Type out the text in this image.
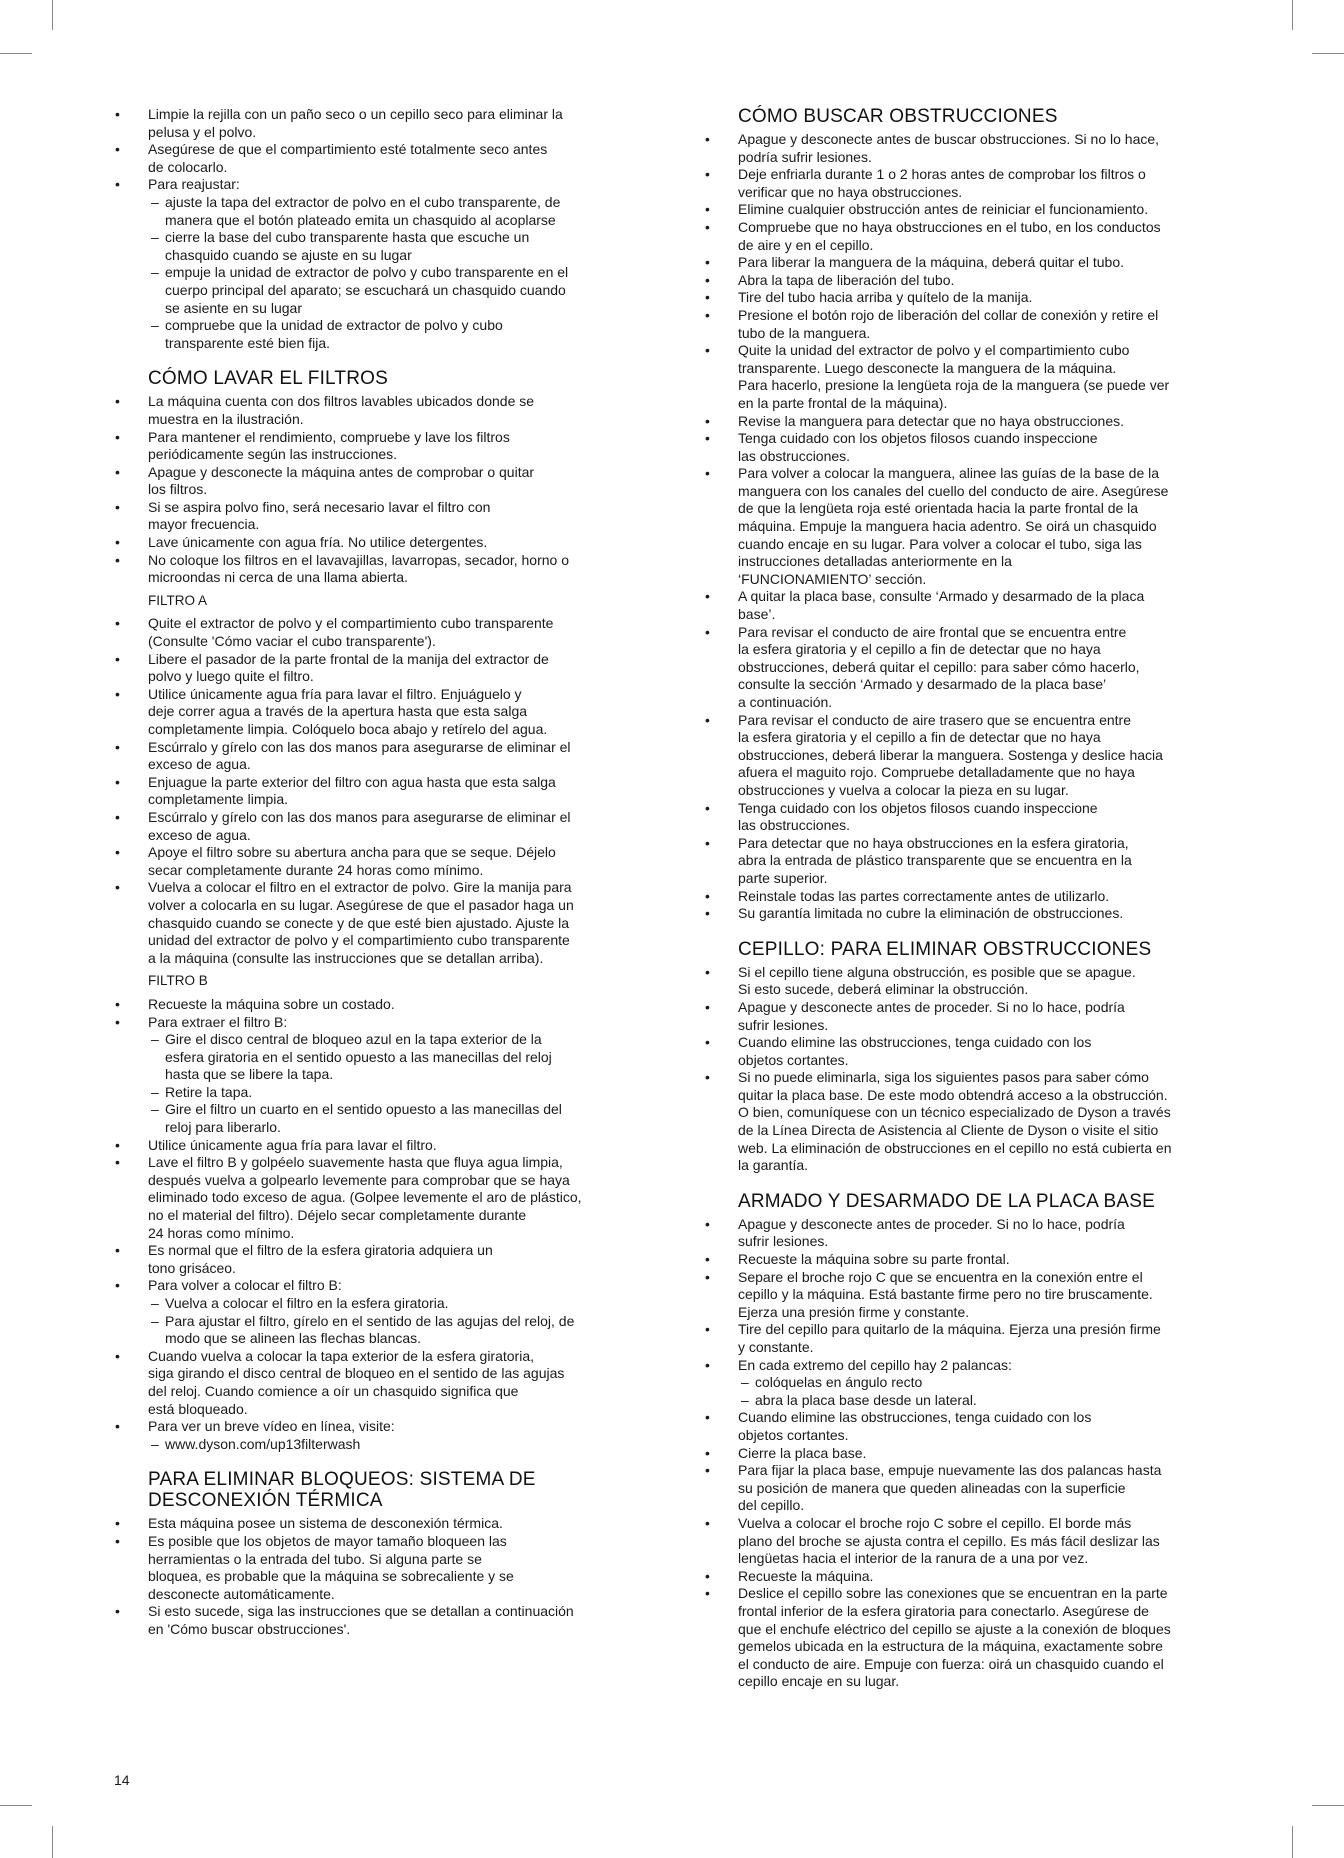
• Limpie la rejilla con un paño seco o un cepillo seco para eliminar la
pelusa y el polvo.
• Asegúrese de que el compartimiento esté totalmente seco antes
de colocarlo.
• Para reajustar:
– ajuste la tapa del extractor de polvo en el cubo transparente, de
manera que el botón plateado emita un chasquido al acoplarse
– cierre la base del cubo transparente hasta que escuche un
chasquido cuando se ajuste en su lugar
– empuje la unidad de extractor de polvo y cubo transparente en el
cuerpo principal del aparato; se escuchará un chasquido cuando
se asiente en su lugar
– compruebe que la unidad de extractor de polvo y cubo
transparente esté bien fija.
CÓMO LAVAR EL FILTROS
• La máquina cuenta con dos filtros lavables ubicados donde se
muestra en la ilustración.
• Para mantener el rendimiento, compruebe y lave los filtros
periódicamente según las instrucciones.
• Apague y desconecte la máquina antes de comprobar o quitar
los filtros.
• Si se aspira polvo fino, será necesario lavar el filtro con
mayor frecuencia.
• Lave únicamente con agua fría. No utilice detergentes.
• No coloque los filtros en el lavavajillas, lavarropas, secador, horno o
microondas ni cerca de una llama abierta.
FILTRO A
• Quite el extractor de polvo y el compartimiento cubo transparente
(Consulte 'Cómo vaciar el cubo transparente').
• Libere el pasador de la parte frontal de la manija del extractor de
polvo y luego quite el filtro.
• Utilice únicamente agua fría para lavar el filtro. Enjuáguelo y
deje correr agua a través de la apertura hasta que esta salga
completamente limpia. Colóquelo boca abajo y retírelo del agua.
• Escúrralo y gírelo con las dos manos para asegurarse de eliminar el
exceso de agua.
• Enjuague la parte exterior del filtro con agua hasta que esta salga
completamente limpia.
• Escúrralo y gírelo con las dos manos para asegurarse de eliminar el
exceso de agua.
• Apoye el filtro sobre su abertura ancha para que se seque. Déjelo
secar completamente durante 24 horas como mínimo.
• Vuelva a colocar el filtro en el extractor de polvo. Gire la manija para
volver a colocarla en su lugar. Asegúrese de que el pasador haga un
chasquido cuando se conecte y de que esté bien ajustado. Ajuste la
unidad del extractor de polvo y el compartimiento cubo transparente
a la máquina (consulte las instrucciones que se detallan arriba).
FILTRO B
• Recueste la máquina sobre un costado.
• Para extraer el filtro B:
– Gire el disco central de bloqueo azul en la tapa exterior de la
esfera giratoria en el sentido opuesto a las manecillas del reloj
hasta que se libere la tapa.
– Retire la tapa.
– Gire el filtro un cuarto en el sentido opuesto a las manecillas del
reloj para liberarlo.
• Utilice únicamente agua fría para lavar el filtro.
• Lave el filtro B y golpéelo suavemente hasta que fluya agua limpia,
después vuelva a golpearlo levemente para comprobar que se haya
eliminado todo exceso de agua. (Golpee levemente el aro de plástico,
no el material del filtro). Déjelo secar completamente durante
24 horas como mínimo.
• Es normal que el filtro de la esfera giratoria adquiera un
tono grisáceo.
• Para volver a colocar el filtro B:
– Vuelva a colocar el filtro en la esfera giratoria.
– Para ajustar el filtro, gírelo en el sentido de las agujas del reloj, de
modo que se alineen las flechas blancas.
• Cuando vuelva a colocar la tapa exterior de la esfera giratoria,
siga girando el disco central de bloqueo en el sentido de las agujas
del reloj. Cuando comience a oír un chasquido significa que
está bloqueado.
• Para ver un breve vídeo en línea, visite:
– www.dyson.com/up13filterwash
PARA ELIMINAR BLOQUEOS: SISTEMA DE
DESCONEXIÓN TÉRMICA
• Esta máquina posee un sistema de desconexión térmica.
• Es posible que los objetos de mayor tamaño bloqueen las
herramientas o la entrada del tubo. Si alguna parte se
bloquea, es probable que la máquina se sobrecaliente y se
desconecte automáticamente.
• Si esto sucede, siga las instrucciones que se detallan a continuación
en 'Cómo buscar obstrucciones'.
CÓMO BUSCAR OBSTRUCCIONES
• Apague y desconecte antes de buscar obstrucciones. Si no lo hace,
podría sufrir lesiones.
• Deje enfriarla durante 1 o 2 horas antes de comprobar los filtros o
verificar que no haya obstrucciones.
• Elimine cualquier obstrucción antes de reiniciar el funcionamiento.
• Compruebe que no haya obstrucciones en el tubo, en los conductos
de aire y en el cepillo.
• Para liberar la manguera de la máquina, deberá quitar el tubo.
• Abra la tapa de liberación del tubo.
• Tire del tubo hacia arriba y quítelo de la manija.
• Presione el botón rojo de liberación del collar de conexión y retire el
tubo de la manguera.
• Quite la unidad del extractor de polvo y el compartimiento cubo
transparente. Luego desconecte la manguera de la máquina.
Para hacerlo, presione la lengüeta roja de la manguera (se puede ver
en la parte frontal de la máquina).
• Revise la manguera para detectar que no haya obstrucciones.
• Tenga cuidado con los objetos filosos cuando inspeccione
las obstrucciones.
• Para volver a colocar la manguera, alinee las guías de la base de la
manguera con los canales del cuello del conducto de aire. Asegúrese
de que la lengüeta roja esté orientada hacia la parte frontal de la
máquina. Empuje la manguera hacia adentro. Se oirá un chasquido
cuando encaje en su lugar. Para volver a colocar el tubo, siga las
instrucciones detalladas anteriormente en la
‘FUNCIONAMIENTO’ sección.
• A quitar la placa base, consulte ‘Armado y desarmado de la placa
base’.
• Para revisar el conducto de aire frontal que se encuentra entre
la esfera giratoria y el cepillo a fin de detectar que no haya
obstrucciones, deberá quitar el cepillo: para saber cómo hacerlo,
consulte la sección ‘Armado y desarmado de la placa base’
a continuación.
• Para revisar el conducto de aire trasero que se encuentra entre
la esfera giratoria y el cepillo a fin de detectar que no haya
obstrucciones, deberá liberar la manguera. Sostenga y deslice hacia
afuera el maguito rojo. Compruebe detalladamente que no haya
obstrucciones y vuelva a colocar la pieza en su lugar.
• Tenga cuidado con los objetos filosos cuando inspeccione
las obstrucciones.
• Para detectar que no haya obstrucciones en la esfera giratoria,
abra la entrada de plástico transparente que se encuentra en la
parte superior.
• Reinstale todas las partes correctamente antes de utilizarlo.
• Su garantía limitada no cubre la eliminación de obstrucciones.
CEPILLO: PARA ELIMINAR OBSTRUCCIONES
• Si el cepillo tiene alguna obstrucción, es posible que se apague.
Si esto sucede, deberá eliminar la obstrucción.
• Apague y desconecte antes de proceder. Si no lo hace, podría
sufrir lesiones.
• Cuando elimine las obstrucciones, tenga cuidado con los
objetos cortantes.
• Si no puede eliminarla, siga los siguientes pasos para saber cómo
quitar la placa base. De este modo obtendrá acceso a la obstrucción.
O bien, comuníquese con un técnico especializado de Dyson a través
de la Línea Directa de Asistencia al Cliente de Dyson o visite el sitio
web. La eliminación de obstrucciones en el cepillo no está cubierta en
la garantía.
ARMADO Y DESARMADO DE LA PLACA BASE
• Apague y desconecte antes de proceder. Si no lo hace, podría
sufrir lesiones.
• Recueste la máquina sobre su parte frontal.
• Separe el broche rojo C que se encuentra en la conexión entre el
cepillo y la máquina. Está bastante firme pero no tire bruscamente.
Ejerza una presión firme y constante.
• Tire del cepillo para quitarlo de la máquina. Ejerza una presión firme
y constante.
• En cada extremo del cepillo hay 2 palancas:
– colóquelas en ángulo recto
– abra la placa base desde un lateral.
• Cuando elimine las obstrucciones, tenga cuidado con los
objetos cortantes.
• Cierre la placa base.
• Para fijar la placa base, empuje nuevamente las dos palancas hasta
su posición de manera que queden alineadas con la superficie
del cepillo.
• Vuelva a colocar el broche rojo C sobre el cepillo. El borde más
plano del broche se ajusta contra el cepillo. Es más fácil deslizar las
lengüetas hacia el interior de la ranura de a una por vez.
• Recueste la máquina.
• Deslice el cepillo sobre las conexiones que se encuentran en la parte
frontal inferior de la esfera giratoria para conectarlo. Asegúrese de
que el enchufe eléctrico del cepillo se ajuste a la conexión de bloques
gemelos ubicada en la estructura de la máquina, exactamente sobre
el conducto de aire. Empuje con fuerza: oirá un chasquido cuando el
cepillo encaje en su lugar.
14
